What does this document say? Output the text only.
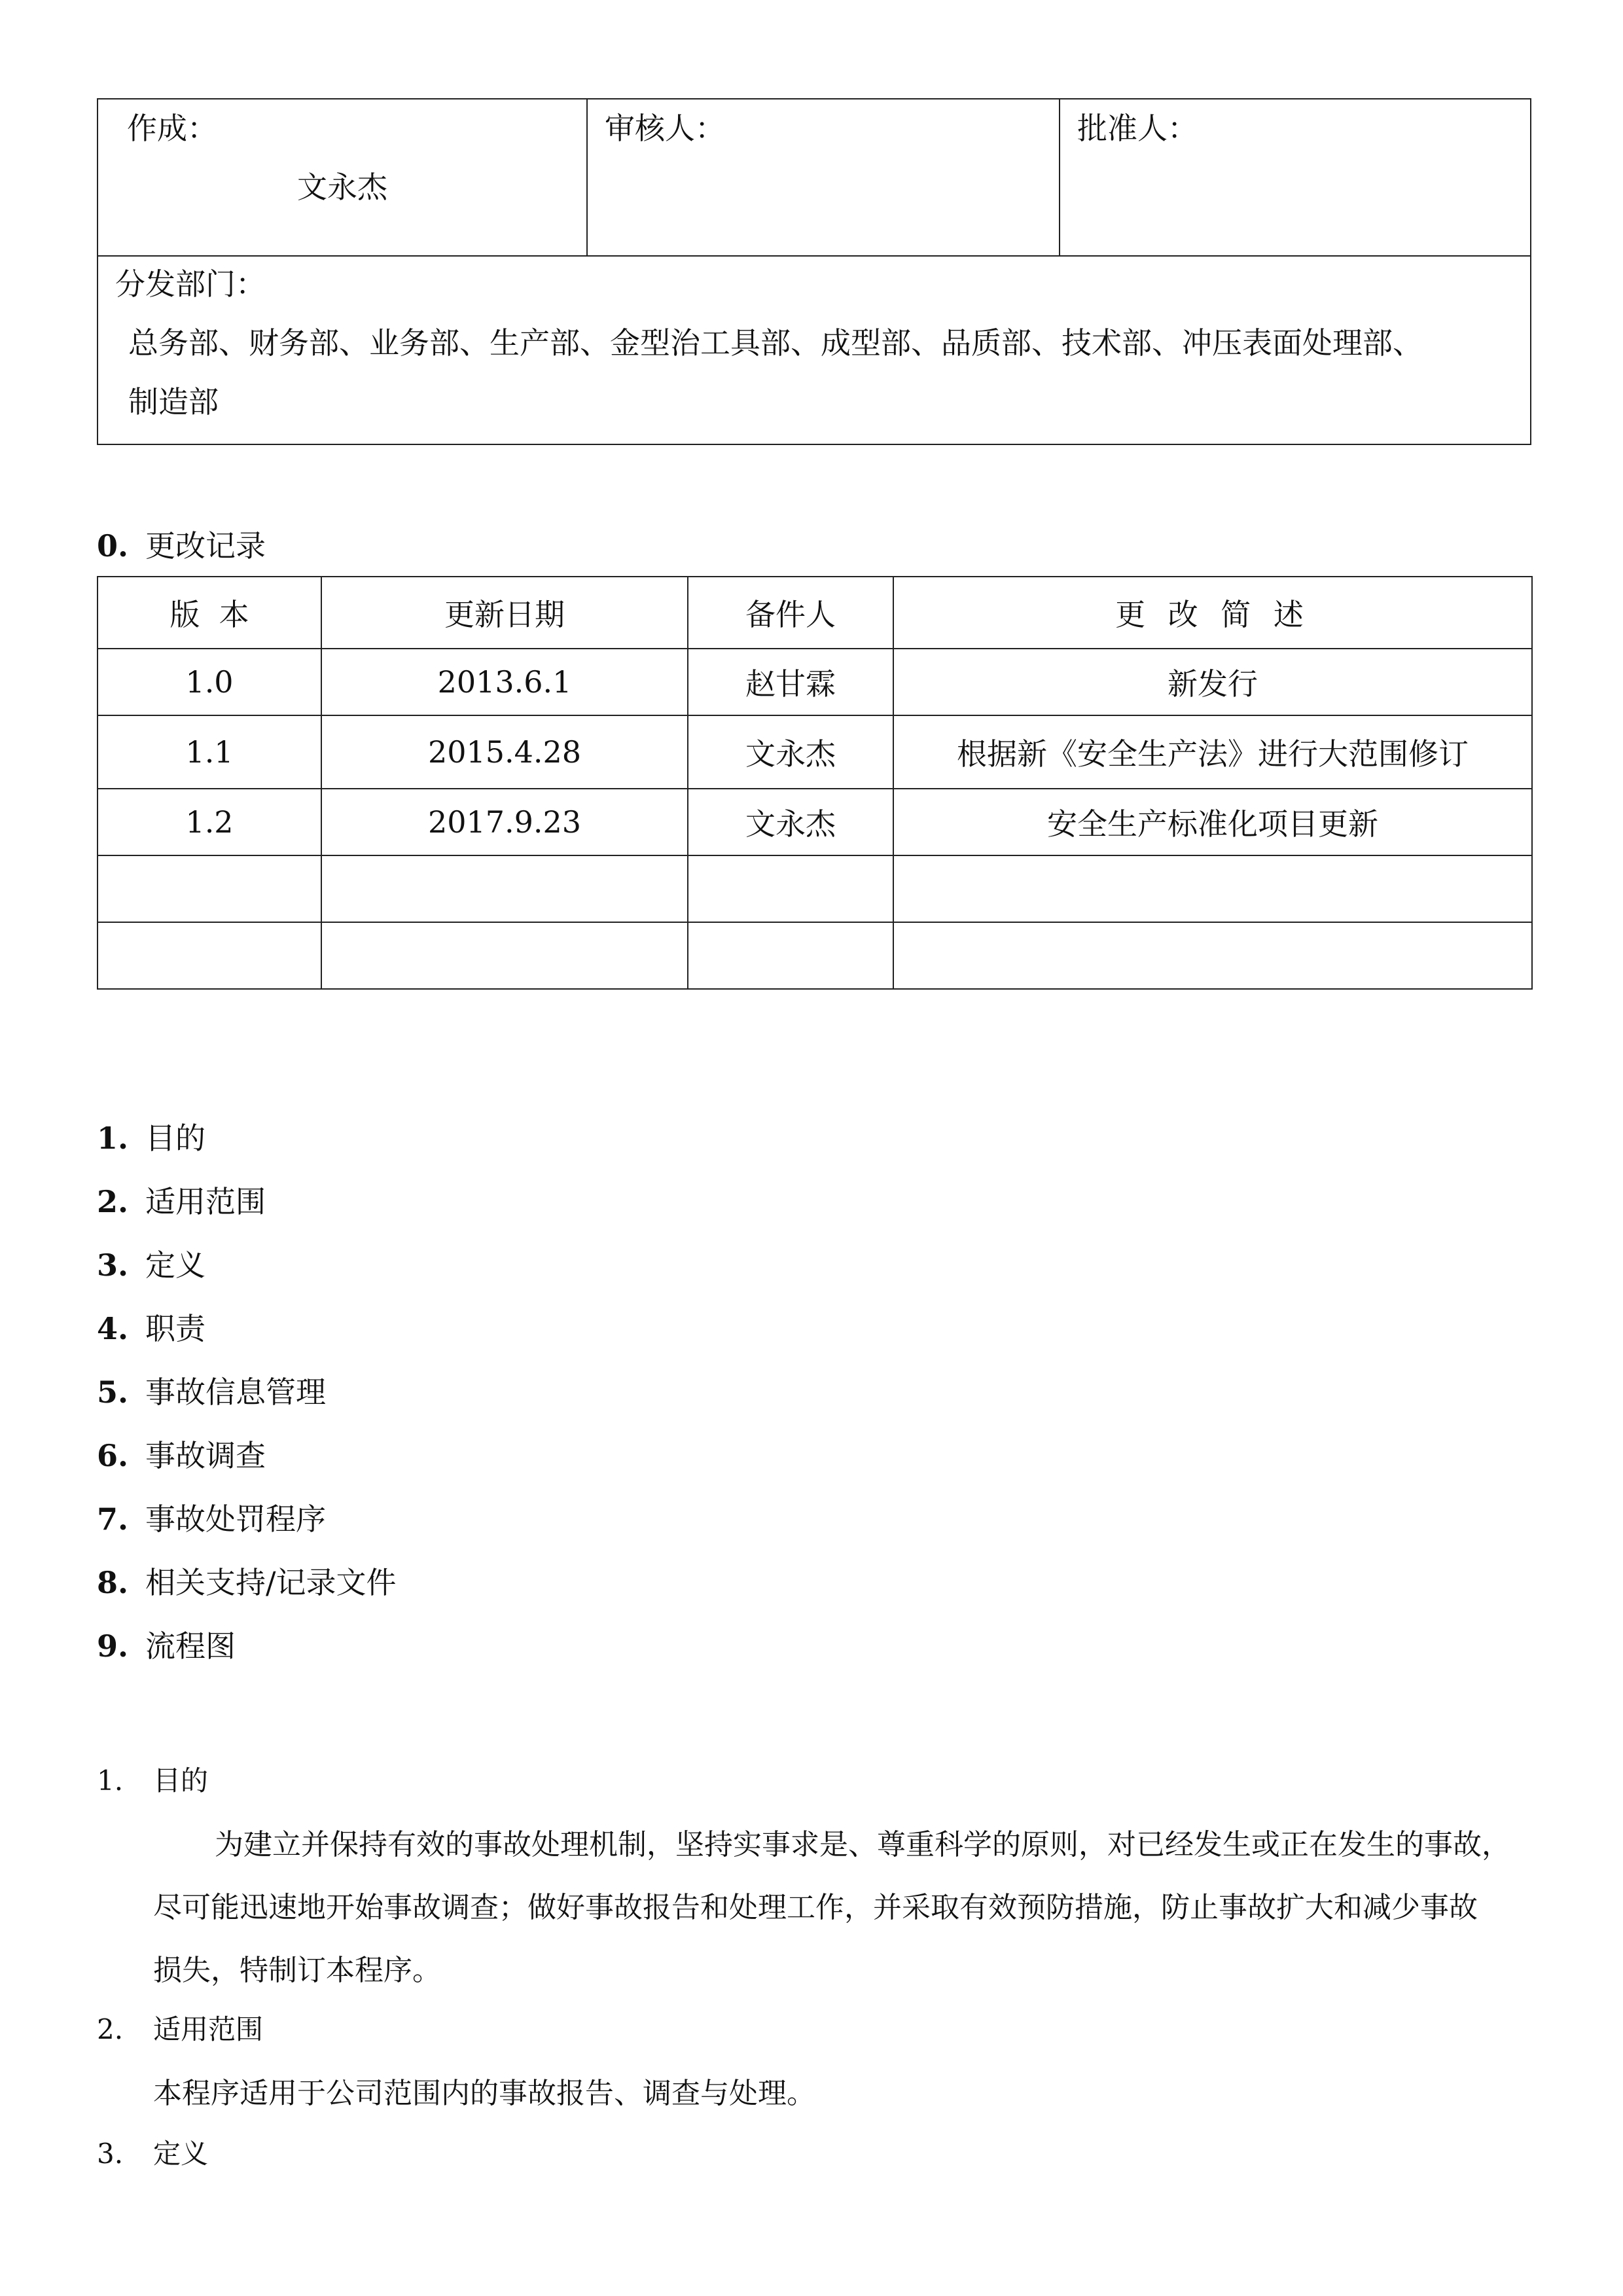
作成：
文永杰

审核人：	批准人：

分发部门：
总务部、财务部、业务部、生产部、金型治工具部、成型部、品质部、技术部、冲压表面处理部、
制造部
0. 更改记录
版  本	更新日期	备件人	更 改 简 述
1.0	2013.6.1	赵甘霖	新发行
1.1	2015.4.28	文永杰	根据新《安全生产法》进行大范围修订
1.2	2017.9.23	文永杰	安全生产标准化项目更新

1. 目的
2. 适用范围
3. 定义
4. 职责
5. 事故信息管理
6. 事故调查
7. 事故处罚程序
8. 相关支持/记录文件
9. 流程图
1. 目的
为建立并保持有效的事故处理机制，坚持实事求是、尊重科学的原则，对已经发生或正在发生的事故，
尽可能迅速地开始事故调查；做好事故报告和处理工作，并采取有效预防措施，防止事故扩大和减少事故
损失，特制订本程序。
2. 适用范围
本程序适用于公司范围内的事故报告、调查与处理。
3. 定义
